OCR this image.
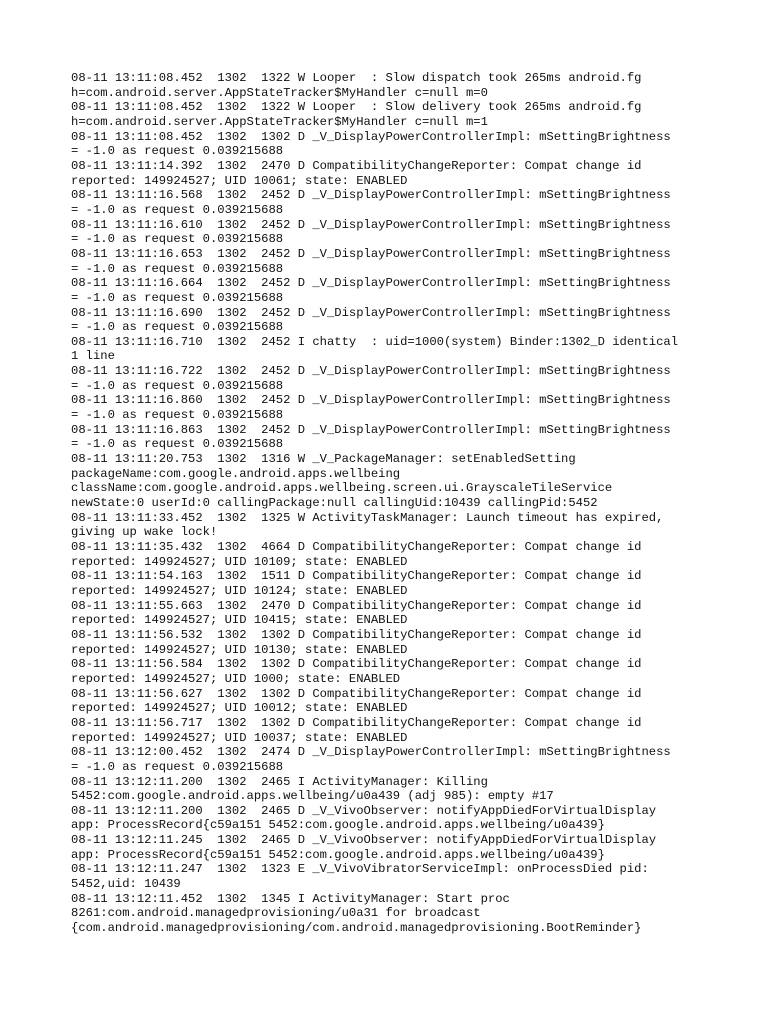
08-11 13:11:08.452  1302  1322 W Looper  : Slow dispatch took 265ms android.fg
h=com.android.server.AppStateTracker$MyHandler c=null m=0
08-11 13:11:08.452  1302  1322 W Looper  : Slow delivery took 265ms android.fg
h=com.android.server.AppStateTracker$MyHandler c=null m=1
08-11 13:11:08.452  1302  1302 D _V_DisplayPowerControllerImpl: mSettingBrightness
= -1.0 as request 0.039215688
08-11 13:11:14.392  1302  2470 D CompatibilityChangeReporter: Compat change id
reported: 149924527; UID 10061; state: ENABLED
08-11 13:11:16.568  1302  2452 D _V_DisplayPowerControllerImpl: mSettingBrightness
= -1.0 as request 0.039215688
08-11 13:11:16.610  1302  2452 D _V_DisplayPowerControllerImpl: mSettingBrightness
= -1.0 as request 0.039215688
08-11 13:11:16.653  1302  2452 D _V_DisplayPowerControllerImpl: mSettingBrightness
= -1.0 as request 0.039215688
08-11 13:11:16.664  1302  2452 D _V_DisplayPowerControllerImpl: mSettingBrightness
= -1.0 as request 0.039215688
08-11 13:11:16.690  1302  2452 D _V_DisplayPowerControllerImpl: mSettingBrightness
= -1.0 as request 0.039215688
08-11 13:11:16.710  1302  2452 I chatty  : uid=1000(system) Binder:1302_D identical
1 line
08-11 13:11:16.722  1302  2452 D _V_DisplayPowerControllerImpl: mSettingBrightness
= -1.0 as request 0.039215688
08-11 13:11:16.860  1302  2452 D _V_DisplayPowerControllerImpl: mSettingBrightness
= -1.0 as request 0.039215688
08-11 13:11:16.863  1302  2452 D _V_DisplayPowerControllerImpl: mSettingBrightness
= -1.0 as request 0.039215688
08-11 13:11:20.753  1302  1316 W _V_PackageManager: setEnabledSetting
packageName:com.google.android.apps.wellbeing
className:com.google.android.apps.wellbeing.screen.ui.GrayscaleTileService
newState:0 userId:0 callingPackage:null callingUid:10439 callingPid:5452
08-11 13:11:33.452  1302  1325 W ActivityTaskManager: Launch timeout has expired,
giving up wake lock!
08-11 13:11:35.432  1302  4664 D CompatibilityChangeReporter: Compat change id
reported: 149924527; UID 10109; state: ENABLED
08-11 13:11:54.163  1302  1511 D CompatibilityChangeReporter: Compat change id
reported: 149924527; UID 10124; state: ENABLED
08-11 13:11:55.663  1302  2470 D CompatibilityChangeReporter: Compat change id
reported: 149924527; UID 10415; state: ENABLED
08-11 13:11:56.532  1302  1302 D CompatibilityChangeReporter: Compat change id
reported: 149924527; UID 10130; state: ENABLED
08-11 13:11:56.584  1302  1302 D CompatibilityChangeReporter: Compat change id
reported: 149924527; UID 1000; state: ENABLED
08-11 13:11:56.627  1302  1302 D CompatibilityChangeReporter: Compat change id
reported: 149924527; UID 10012; state: ENABLED
08-11 13:11:56.717  1302  1302 D CompatibilityChangeReporter: Compat change id
reported: 149924527; UID 10037; state: ENABLED
08-11 13:12:00.452  1302  2474 D _V_DisplayPowerControllerImpl: mSettingBrightness
= -1.0 as request 0.039215688
08-11 13:12:11.200  1302  2465 I ActivityManager: Killing
5452:com.google.android.apps.wellbeing/u0a439 (adj 985): empty #17
08-11 13:12:11.200  1302  2465 D _V_VivoObserver: notifyAppDiedForVirtualDisplay
app: ProcessRecord{c59a151 5452:com.google.android.apps.wellbeing/u0a439}
08-11 13:12:11.245  1302  2465 D _V_VivoObserver: notifyAppDiedForVirtualDisplay
app: ProcessRecord{c59a151 5452:com.google.android.apps.wellbeing/u0a439}
08-11 13:12:11.247  1302  1323 E _V_VivoVibratorServiceImpl: onProcessDied pid:
5452,uid: 10439
08-11 13:12:11.452  1302  1345 I ActivityManager: Start proc
8261:com.android.managedprovisioning/u0a31 for broadcast
{com.android.managedprovisioning/com.android.managedprovisioning.BootReminder}
